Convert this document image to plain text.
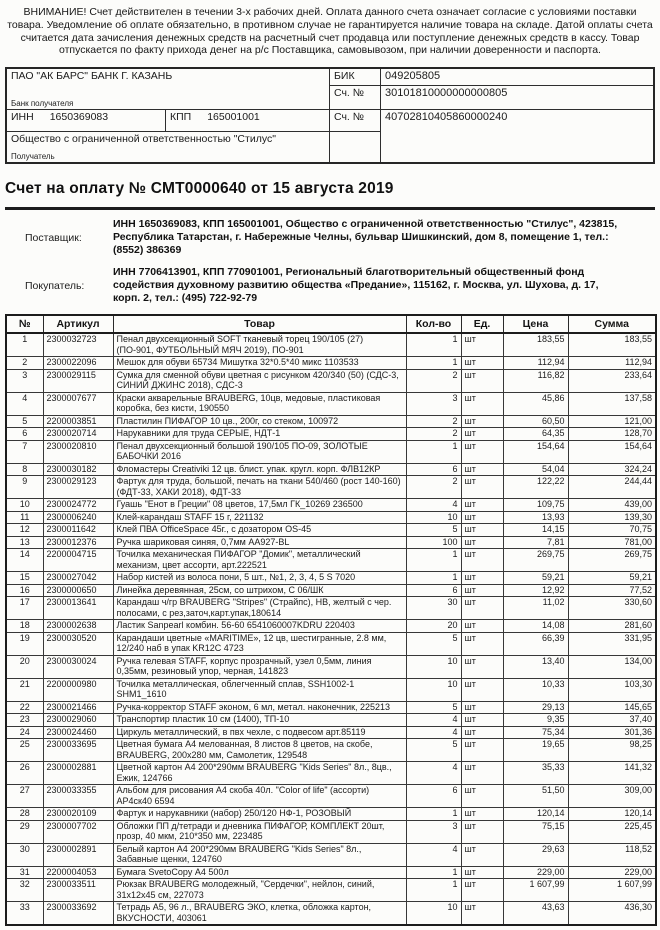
ВНИМАНИЕ! Счет действителен в течении 3-х рабочих дней. Оплата данного счета означает согласие с условиями поставки товара. Уведомление об оплате обязательно, в противном случае не гарантируется наличие товара на складе. Датой оплаты счета считается дата зачисления денежных средств на расчетный счет продавца или поступление денежных средств в кассу. Товар отпускается по факту прихода денег на р/с Поставщика, самовывозом, при наличии доверенности и паспорта.
ПАО "АК БАРС" БАНК Г. КАЗАНЬ
Банк получателя
БИК	049205805
Сч. №	30101810000000000805
ИНН 1650369083	КПП 165001001	Сч. №	40702810405860000240
Общество с ограниченной ответственностью "Стилус"
Получатель
Счет на оплату № СМТ0000640 от 15 августа 2019
Поставщик:
ИНН 1650369083, КПП 165001001, Общество с ограниченной ответственностью "Стилус", 423815, Республика Татарстан, г. Набережные Челны, бульвар Шишкинский, дом 8, помещение 1, тел.: (8552) 386369
Покупатель:
ИНН 7706413901, КПП 770901001, Региональный благотворительный общественный фонд содействия духовному развитию общества «Предание», 115162, г. Москва, ул. Шухова, д. 17, корп. 2, тел.: (495) 722-92-79
№	Артикул	Товар	Кол-во	Ед.	Цена	Сумма
1	2300032723	Пенал двухсекционный SOFT тканевый торец 190/105 (27) (ПО-901, ФУТБОЛЬНЫЙ МЯЧ 2019), ПО-901	1	шт	183,55	183,55
2	2300022096	Мешок для обуви 65734 Мишутка 32*0.5*40 микс 1103533	1	шт	112,94	112,94
3	2300029115	Сумка для сменной обуви цветная с рисунком 420/340 (50) (СДС-3, СИНИЙ ДЖИНС 2018), СДС-3	2	шт	116,82	233,64
4	2300007677	Краски акварельные BRAUBERG, 10цв, медовые, пластиковая коробка, без кисти, 190550	3	шт	45,86	137,58
5	2200003851	Пластилин ПИФАГОР 10 цв., 200г, со стеком, 100972	2	шт	60,50	121,00
6	2300020714	Нарукавники для труда СЕРЫЕ, НДТ-1	2	шт	64,35	128,70
7	2300020810	Пенал двухсекционный большой 190/105 ПО-09, ЗОЛОТЫЕ БАБОЧКИ 2016	1	шт	154,64	154,64
8	2300030182	Фломастеры Creativiki 12 цв. блист. упак. кругл. корп. ФЛВ12КР	6	шт	54,04	324,24
9	2300029123	Фартук для труда, большой, печать на ткани 540/460 (рост 140-160) (ФДТ-33, ХАКИ 2018), ФДТ-33	2	шт	122,22	244,44
10	2300024772	Гуашь "Енот в Греции" 08 цветов, 17,5мл ГК_10269 236500	4	шт	109,75	439,00
11	2300006240	Клей-карандаш STAFF 15 г, 221132	10	шт	13,93	139,30
12	2300011642	Клей ПВА OfficeSpace 45г., с дозатором OS-45	5	шт	14,15	70,75
13	2300012376	Ручка шариковая синяя, 0,7мм АА927-BL	100	шт	7,81	781,00
14	2200004715	Точилка механическая ПИФАГОР "Домик", металлический механизм, цвет ассорти, арт.222521	1	шт	269,75	269,75
15	2300027042	Набор кистей из волоса пони, 5 шт., №1, 2, 3, 4, 5 S 7020	1	шт	59,21	59,21
16	2300000650	Линейка деревянная, 25см, со штрихом, С 06/ШК	6	шт	12,92	77,52
17	2300013641	Карандаш ч/гр BRAUBERG "Stripes" (Страйпс), НВ, желтый с чер. полосами, с рез,заточ,карт.упак,180614	30	шт	11,02	330,60
18	2300002638	Ластик Sanpearl комбин. 56-60 6541060007KDRU 220403	20	шт	14,08	281,60
19	2300030520	Карандаши цветные «MARITIME», 12 цв, шестигранные, 2.8 мм, 12/240 наб в упак KR12C 4723	5	шт	66,39	331,95
20	2300030024	Ручка гелевая STAFF, корпус прозрачный, узел 0,5мм, линия 0,35мм, резиновый упор, черная, 141823	10	шт	13,40	134,00
21	2200000980	Точилка металлическая, облегченный сплав, SSH1002-1 SHM1_1610	10	шт	10,33	103,30
22	2300021466	Ручка-корректор STAFF эконом, 6 мл, метал. наконечник, 225213	5	шт	29,13	145,65
23	2300029060	Транспортир пластик 10 см (1400), ТП-10	4	шт	9,35	37,40
24	2300024460	Циркуль металлический, в пвх чехле, с подвесом арт.85119	4	шт	75,34	301,36
25	2300033695	Цветная бумага А4 мелованная, 8 листов 8 цветов, на скобе, BRAUBERG, 200х280 мм, Самолетик, 129548	5	шт	19,65	98,25
26	2300002881	Цветной картон А4 200*290мм BRAUBERG "Kids Series" 8л., 8цв., Ежик, 124766	4	шт	35,33	141,32
27	2300033355	Альбом для рисования А4 скоба 40л. "Color of life" (ассорти) АР4ск40 6594	6	шт	51,50	309,00
28	2300020109	Фартук и нарукавники (набор) 250/120 НФ-1, РОЗОВЫЙ	1	шт	120,14	120,14
29	2300007702	Обложки ПП д/тетради и дневника ПИФАГОР, КОМПЛЕКТ 20шт, прозр, 40 мкм, 210*350 мм, 223485	3	шт	75,15	225,45
30	2300002891	Белый картон А4 200*290мм BRAUBERG "Kids Series" 8л., Забавные щенки, 124760	4	шт	29,63	118,52
31	2200004053	Бумага SvetoCopy А4 500л	1	шт	229,00	229,00
32	2300033511	Рюкзак BRAUBERG молодежный, "Сердечки", нейлон, синий, 31х12х45 см, 227073	1	шт	1 607,99	1 607,99
33	2300033692	Тетрадь А5, 96 л., BRAUBERG ЭКО, клетка, обложка картон, ВКУСНОСТИ, 403061	10	шт	43,63	436,30
